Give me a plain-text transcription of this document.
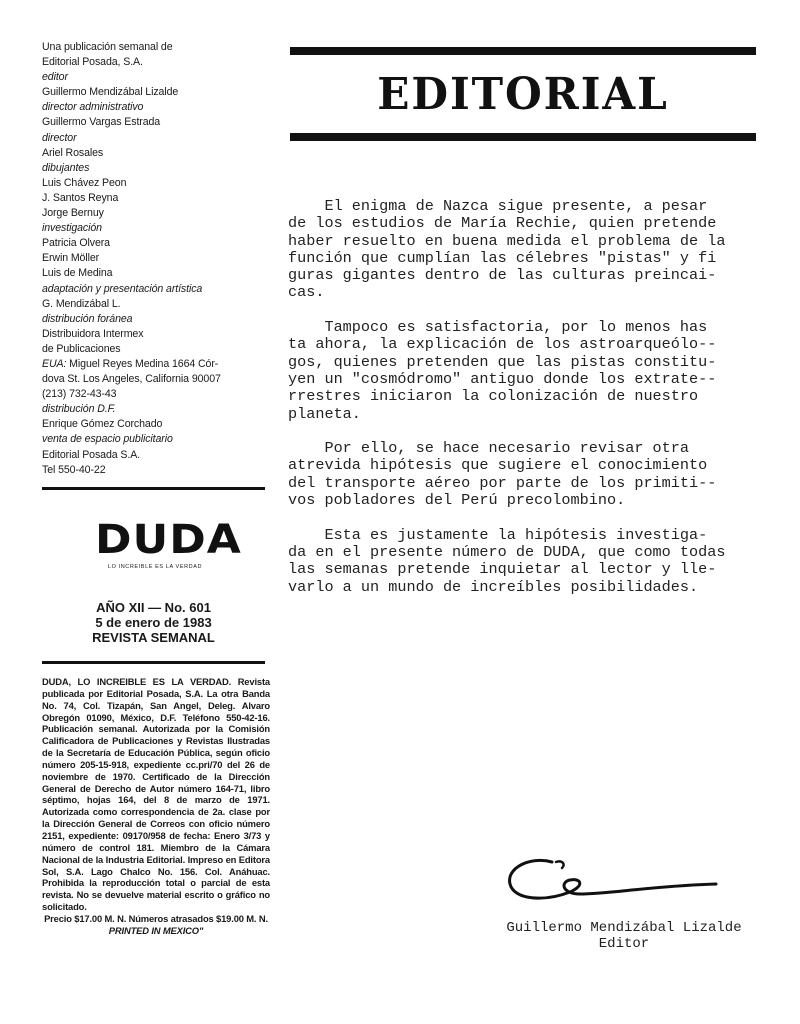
Una publicación semanal de
Editorial Posada, S.A.
editor
Guillermo Mendizábal Lizalde
director administrativo
Guillermo Vargas Estrada
director
Ariel Rosales
dibujantes
Luis Chávez Peon
J. Santos Reyna
Jorge Bernuy
investigación
Patricia Olvera
Erwin Möller
Luis de Medina
adaptación y presentación artística
G. Mendizábal L.
distribución foránea
Distribuidora Intermex
de Publicaciones
EUA: Miguel Reyes Medina 1664 Cór-
dova St. Los Angeles, California 90007
(213) 732-43-43
distribución D.F.
Enrique Gómez Corchado
venta de espacio publicitario
Editorial Posada S.A.
Tel 550-40-22
DUDA
LO INCREIBLE ES LA VERDAD
AÑO XII — No. 601
5 de enero de 1983
REVISTA SEMANAL
DUDA, LO INCREIBLE ES LA VERDAD. Revista publicada por Editorial Posada, S.A. La otra Banda No. 74, Col. Tizapán, San Angel, Deleg. Alvaro Obregón 01090, México, D.F. Teléfono 550-42-16. Publicación semanal. Autorizada por la Comisión Calificadora de Publicaciones y Revistas Ilustradas de la Secretaría de Educación Pública, según oficio número 205-15-918, expediente cc.pri/70 del 26 de noviembre de 1970. Certificado de la Dirección General de Derecho de Autor número 164-71, libro séptimo, hojas 164, del 8 de marzo de 1971. Autorizada como correspondencia de 2a. clase por la Dirección General de Correos con oficio número 2151, expediente: 09170/958 de fecha: Enero 3/73 y número de control 181. Miembro de la Cámara Nacional de la Industria Editorial. Impreso en Editora Sol, S.A. Lago Chalco No. 156. Col. Anáhuac. Prohibida la reproducción total o parcial de esta revista. No se devuelve material escrito o gráfico no solicitado.
Precio $17.00 M. N. Números atrasados $19.00 M. N.
PRINTED IN MEXICO"
EDITORIAL

El enigma de Nazca sigue presente, a pesar
de los estudios de María Rechie, quien pretende
haber resuelto en buena medida el problema de la
función que cumplían las célebres "pistas" y fi
guras gigantes dentro de las culturas preincai-
cas.

Tampoco es satisfactoria, por lo menos has
ta ahora, la explicación de los astroarqueólo--
gos, quienes pretenden que las pistas constitu-
yen un "cosmódromo" antiguo donde los extrate--
rrestres iniciaron la colonización de nuestro
planeta.

Por ello, se hace necesario revisar otra
atrevida hipótesis que sugiere el conocimiento
del transporte aéreo por parte de los primiti--
vos pobladores del Perú precolombino.

Esta es justamente la hipótesis investiga-
da en el presente número de DUDA, que como todas
las semanas pretende inquietar al lector y lle-
varlo a un mundo de increíbles posibilidades.

Guillermo Mendizábal Lizalde
Editor
